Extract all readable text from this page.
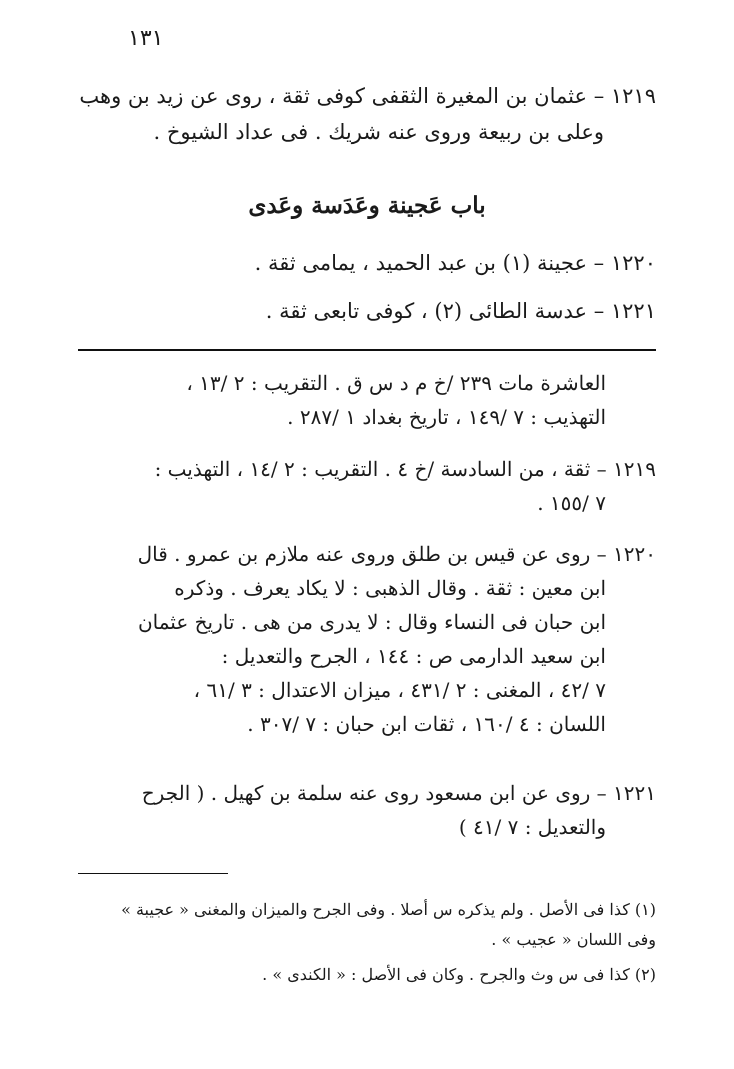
١٣١
١٢١٩ – عثمان بن المغيرة الثقفى كوفى ثقة ، روى عن زيد بن وهب
وعلى بن ربيعة وروى عنه شريك . فى عداد الشيوخ .
باب عَجينة وعَدَسة وعَدى
١٢٢٠ – عجينة (١) بن عبد الحميد ، يمامى ثقة .
١٢٢١ – عدسة الطائى (٢) ، كوفى تابعى ثقة .
العاشرة مات ٢٣٩ /خ م د س ق . التقريب : ٢ /١٣ ،
التهذيب : ٧ /١٤٩ ، تاريخ بغداد ١ /٢٨٧ .
١٢١٩ – ثقة ، من السادسة /خ ٤ . التقريب : ٢ /١٤ ، التهذيب :
٧ /١٥٥ .
١٢٢٠ – روى عن قيس بن طلق وروى عنه ملازم بن عمرو . قال
ابن معين : ثقة . وقال الذهبى : لا يكاد يعرف . وذكره
ابن حبان فى النساء وقال : لا يدرى من هى . تاريخ عثمان
ابن سعيد الدارمى ص : ١٤٤ ، الجرح والتعديل :
٧ /٤٢ ، المغنى : ٢ /٤٣١ ، ميزان الاعتدال : ٣ /٦١ ،
اللسان : ٤ /١٦٠ ، ثقات ابن حبان : ٧ /٣٠٧ .
١٢٢١ – روى عن ابن مسعود روى عنه سلمة بن كهيل . ( الجرح
والتعديل : ٧ /٤١ )
(١) كذا فى الأصل . ولم يذكره س أصلا . وفى الجرح والميزان والمغنى « عجيبة »
وفى اللسان « عجيب » .
(٢) كذا فى س وث والجرح . وكان فى الأصل : « الكندى » .
